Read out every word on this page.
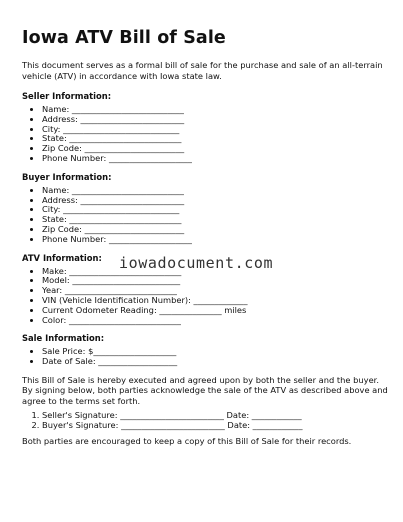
Iowa ATV Bill of Sale

This document serves as a formal bill of sale for the purchase and sale of an all-terrain vehicle (ATV) in accordance with Iowa state law.

Seller Information:
• Name: ___________________________
• Address: _________________________
• City: ____________________________
• State: ___________________________
• Zip Code: ________________________
• Phone Number: ____________________
Buyer Information:
• Name: ___________________________
• Address: _________________________
• City: ____________________________
• State: ___________________________
• Zip Code: ________________________
• Phone Number: ____________________
ATV Information:
• Make: ___________________________
• Model: __________________________
• Year: ___________________________
• VIN (Vehicle Identification Number): _____________
• Current Odometer Reading: _______________ miles
• Color: ___________________________
Sale Information:
• Sale Price: $____________________
• Date of Sale: ___________________

This Bill of Sale is hereby executed and agreed upon by both the seller and the buyer. By signing below, both parties acknowledge the sale of the ATV as described above and agree to the terms set forth.

1. Seller's Signature: _________________________ Date: ____________
2. Buyer's Signature: _________________________ Date: ____________

Both parties are encouraged to keep a copy of this Bill of Sale for their records.

iowadocument.com
